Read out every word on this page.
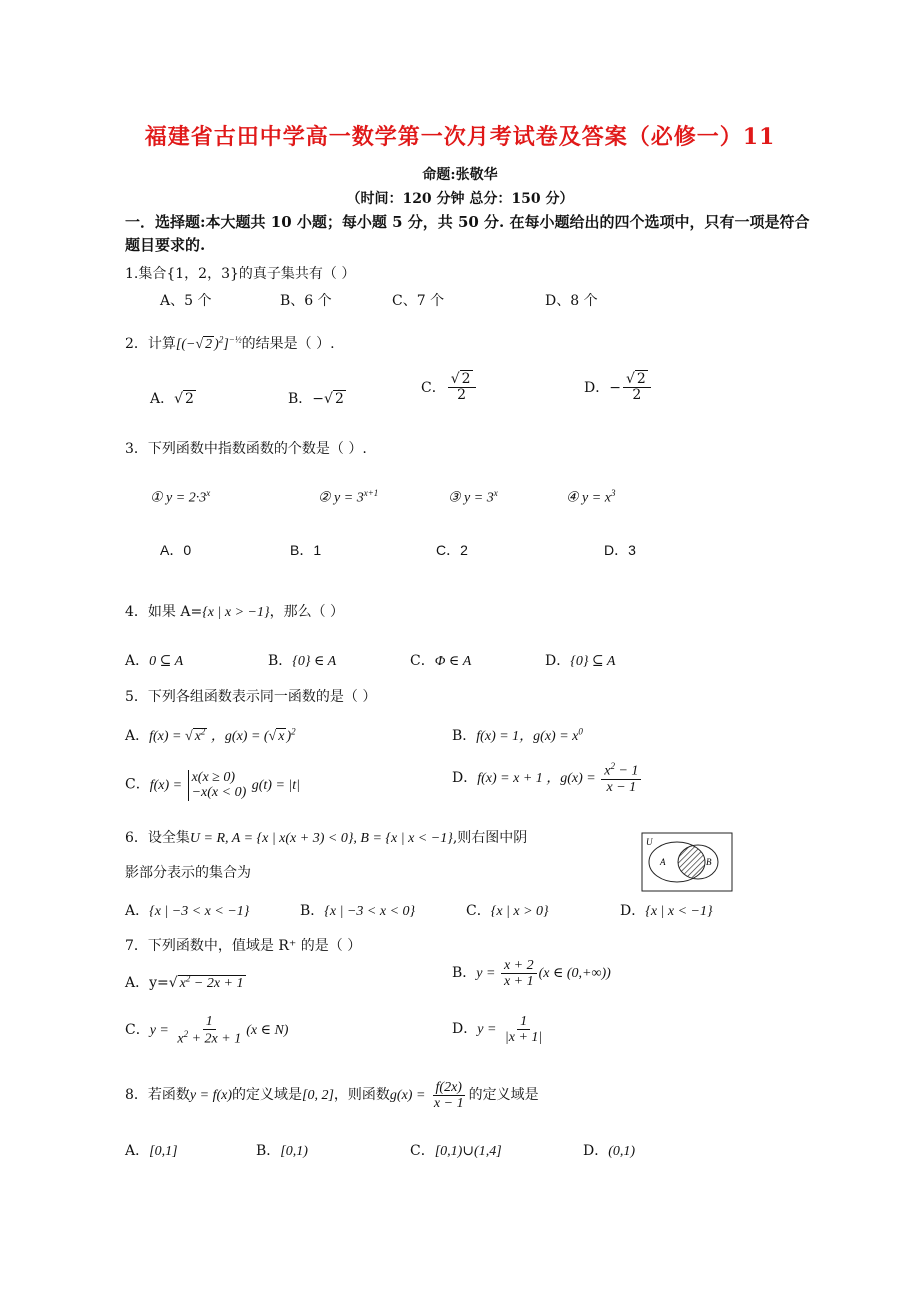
福建省古田中学高一数学第一次月考试卷及答案（必修一）11
命题:张敬华
（时间：120 分钟 总分：150 分）
一．选择题:本大题共 10 小题；每小题 5 分，共 50 分. 在每小题给出的四个选项中，只有一项是符合题目要求的.
1.集合{1，2，3}的真子集共有（ ）
A、5 个	B、6 个	C、7 个	D、8 个
2．计算[(−√ 2 )$^2$]$^{-\frac{1}{2}}$的结果是（ ）.
A．√ 2	B．−√ 2
C． $\frac{√ 2}{2}$	D．− $\frac{√ 2}{2}$
3．下列函数中指数函数的个数是（ ）.
① $y = 2\cdot 3^x$	② $y = 3^{x+1}$	③ $y = 3^x$	④ $y = x^3$
A．0	B．1	C．2	D．3
4．如果 A={x | x > −1}，那么（ ）
A．0 ⊆ A	B．{0} ∈ A	C．Φ ∈ A	D．{0} ⊆ A
5．下列各组函数表示同一函数的是（ ）
A．f(x) = √ $x^2$ ，g(x) = (√ x )$^2$	B．f(x) = 1，$g(x) = x^0$
C．f(x) =
x(x ≥ 0)
−x(x < 0)
g(t) = |t|	D．f(x) = x + 1 ，$g(x) = \frac{x^2 - 1}{x - 1}$
6．设全集U = R, A = {x | x(x + 3) < 0}, B = {x | x < −1},则右图中阴
影部分表示的集合为
U
A	B
A．{x | −3 < x < −1}	B．{x | −3 < x < 0}	C．{x | x > 0}	D．{x | x < −1}
7．下列函数中，值域是 R⁺ 的是（ ）
A．y=√ $x^2 - 2x + 1$
B．$y = \frac{x + 2}{x + 1} (x$ ∈ (0,+∞))
C．$y = \frac{1}{x^2 + 2x + 1} (x$ ∈ N)	D．$y = \frac{1}{|x + 1|}$
8．若函数y = f(x)的定义域是[0, 2]，则函数$g(x) = \frac{f(2x)}{x - 1}$ 的定义域是
A．[0,1]	B．[0,1)	C．[0,1)∪(1,4]	D．(0,1)
